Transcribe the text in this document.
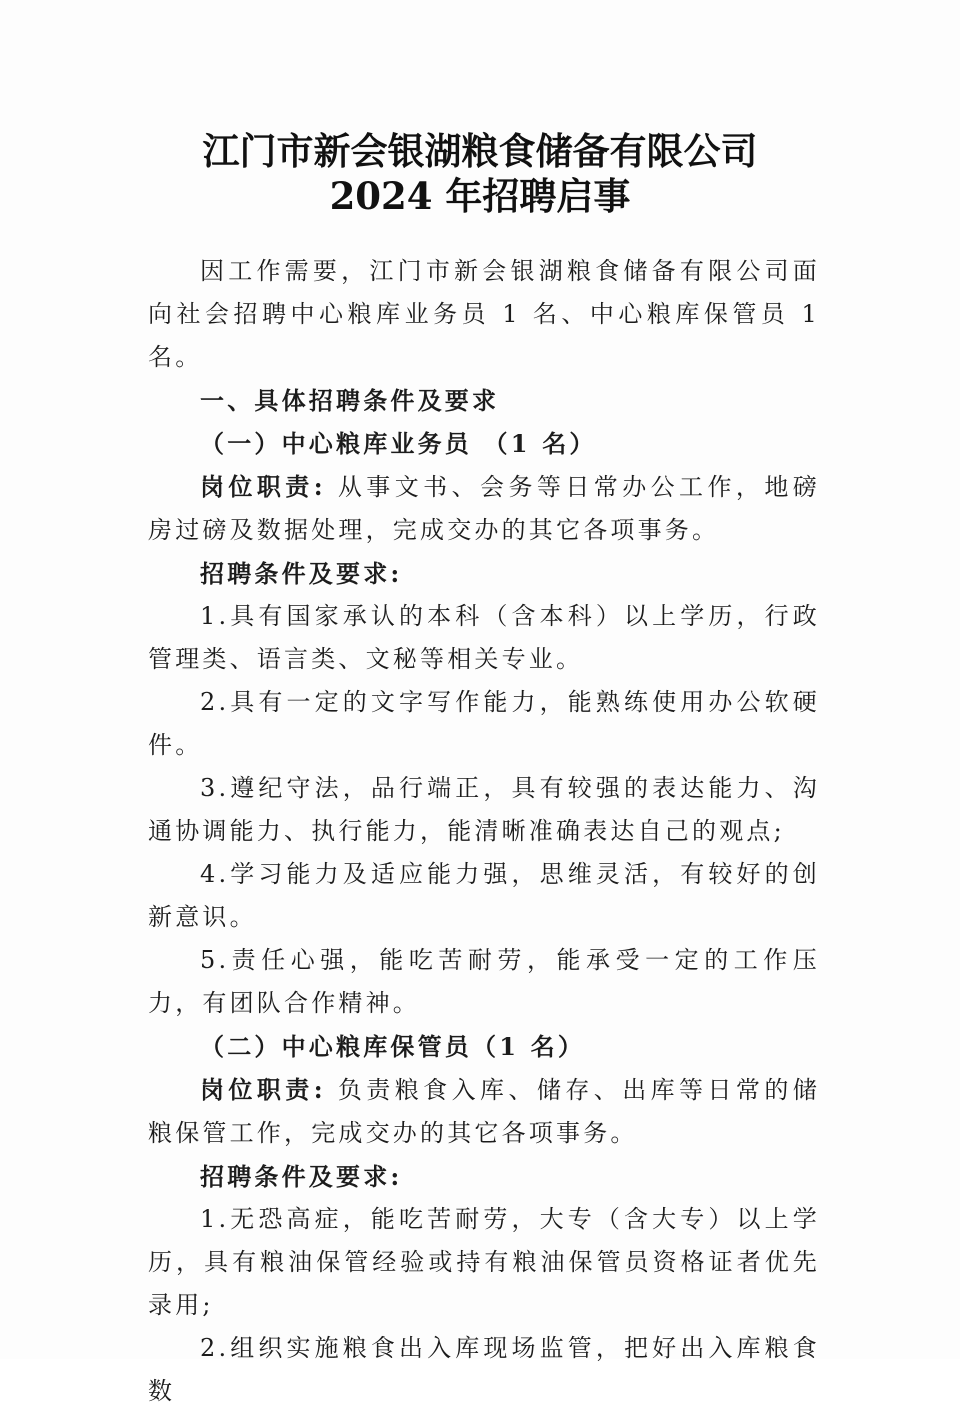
江门市新会银湖粮食储备有限公司
2024 年招聘启事

因工作需要，江门市新会银湖粮食储备有限公司面向社会招聘中心粮库业务员 1 名、中心粮库保管员 1 名。

一、具体招聘条件及要求

（一）中心粮库业务员 （1 名）

岗位职责: 从事文书、会务等日常办公工作，地磅房过磅及数据处理，完成交办的其它各项事务。

招聘条件及要求:

1.具有国家承认的本科（含本科）以上学历，行政管理类、语言类、文秘等相关专业。

2.具有一定的文字写作能力，能熟练使用办公软硬件。

3.遵纪守法，品行端正，具有较强的表达能力、沟通协调能力、执行能力，能清晰准确表达自己的观点;

4.学习能力及适应能力强，思维灵活，有较好的创新意识。

5.责任心强，能吃苦耐劳，能承受一定的工作压力，有团队合作精神。

（二）中心粮库保管员（1 名）

岗位职责: 负责粮食入库、储存、出库等日常的储粮保管工作，完成交办的其它各项事务。

招聘条件及要求:

1.无恐高症，能吃苦耐劳，大专（含大专）以上学历，具有粮油保管经验或持有粮油保管员资格证者优先录用;

2.组织实施粮食出入库现场监管，把好出入库粮食数
